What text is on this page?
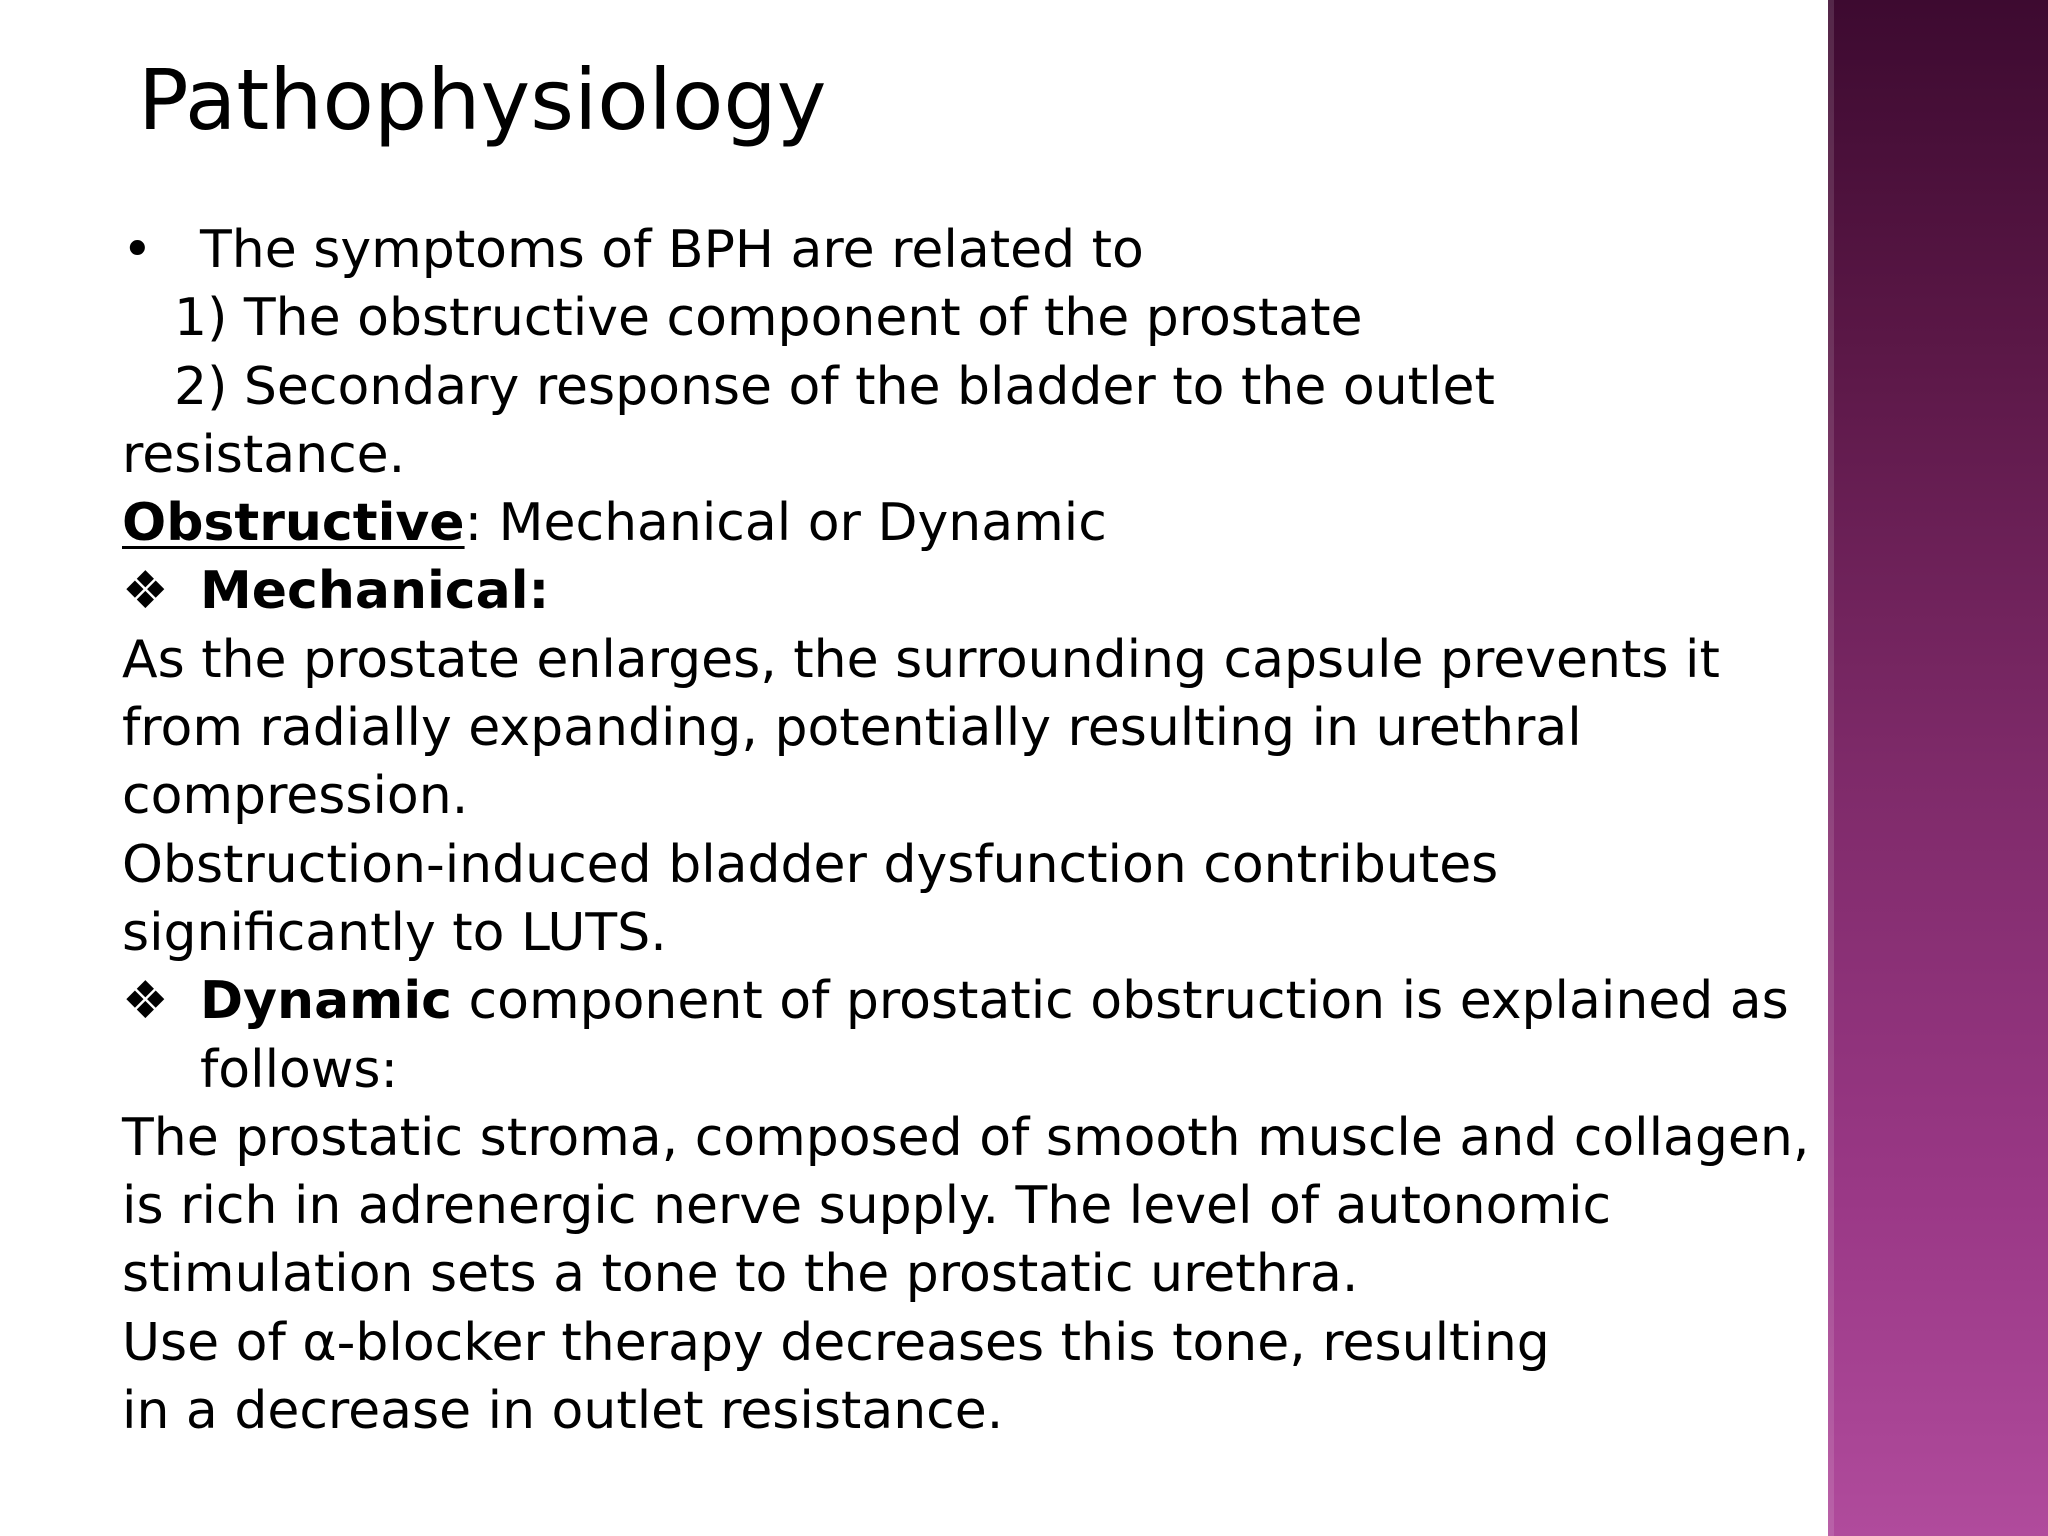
Pathophysiology
• The symptoms of BPH are related to
1) The obstructive component of the prostate
2) Secondary response of the bladder to the outlet
resistance.
Obstructive: Mechanical or Dynamic
❖ Mechanical:
As the prostate enlarges, the surrounding capsule prevents it
from radially expanding, potentially resulting in urethral
compression.
Obstruction-induced bladder dysfunction contributes
significantly to LUTS.
❖ Dynamic component of prostatic obstruction is explained as
follows:
The prostatic stroma, composed of smooth muscle and collagen,
is rich in adrenergic nerve supply. The level of autonomic
stimulation sets a tone to the prostatic urethra.
Use of α-blocker therapy decreases this tone, resulting
in a decrease in outlet resistance.
